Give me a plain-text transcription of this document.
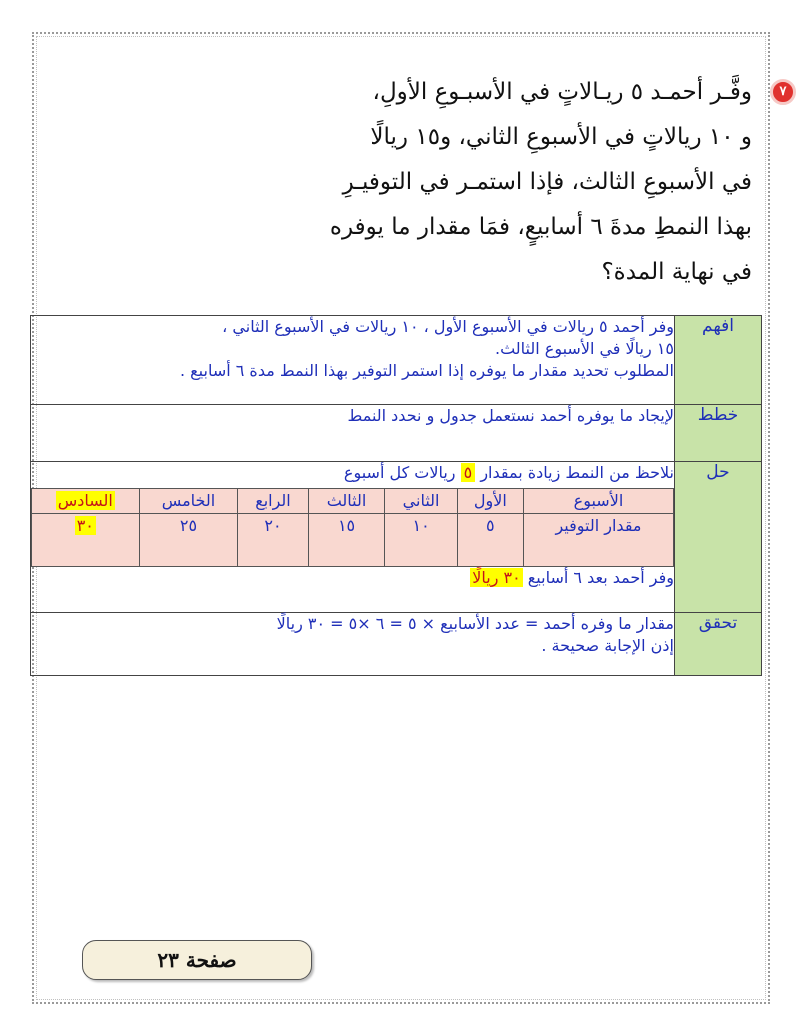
٧
وفَّـر أحمـد ٥ ريـالاتٍ في الأسبـوعِ الأولِ،
و ١٠ ريالاتٍ في الأسبوعِ الثاني، و١٥ ريالًا
في الأسبوعِ الثالث، فإذا استمـر في التوفيـرِ
بهذا النمطِ مدةَ ٦ أسابيعٍ، فمَا مقدار ما يوفره
في نهاية المدة؟
افهم	
وفر أحمد ٥ ريالات في الأسبوع الأول ، ١٠ ريالات في الأسبوع الثاني ،
١٥ ريالًا في الأسبوع الثالث.
المطلوب تحديد مقدار ما يوفره إذا استمر التوفير بهذا النمط مدة ٦ أسابيع .

خطط	
لإيجاد ما يوفره أحمد نستعمل جدول و نحدد النمط

حل	
نلاحظ من النمط زيادة بمقدار ٥ ريالات كل أسبوع
الأسبوع	الأول	الثاني	الثالث	الرابع	الخامس	السادس
مقدار التوفير	٥	١٠	١٥	٢٠	٢٥	٣٠
وفر أحمد بعد ٦ أسابيع ٣٠ ريالًا

تحقق	
مقدار ما وفره أحمد = عدد الأسابيع × ٥ = ٦ ×٥ = ٣٠ ريالًا
إذن الإجابة صحيحة .
صفحة ٢٣
